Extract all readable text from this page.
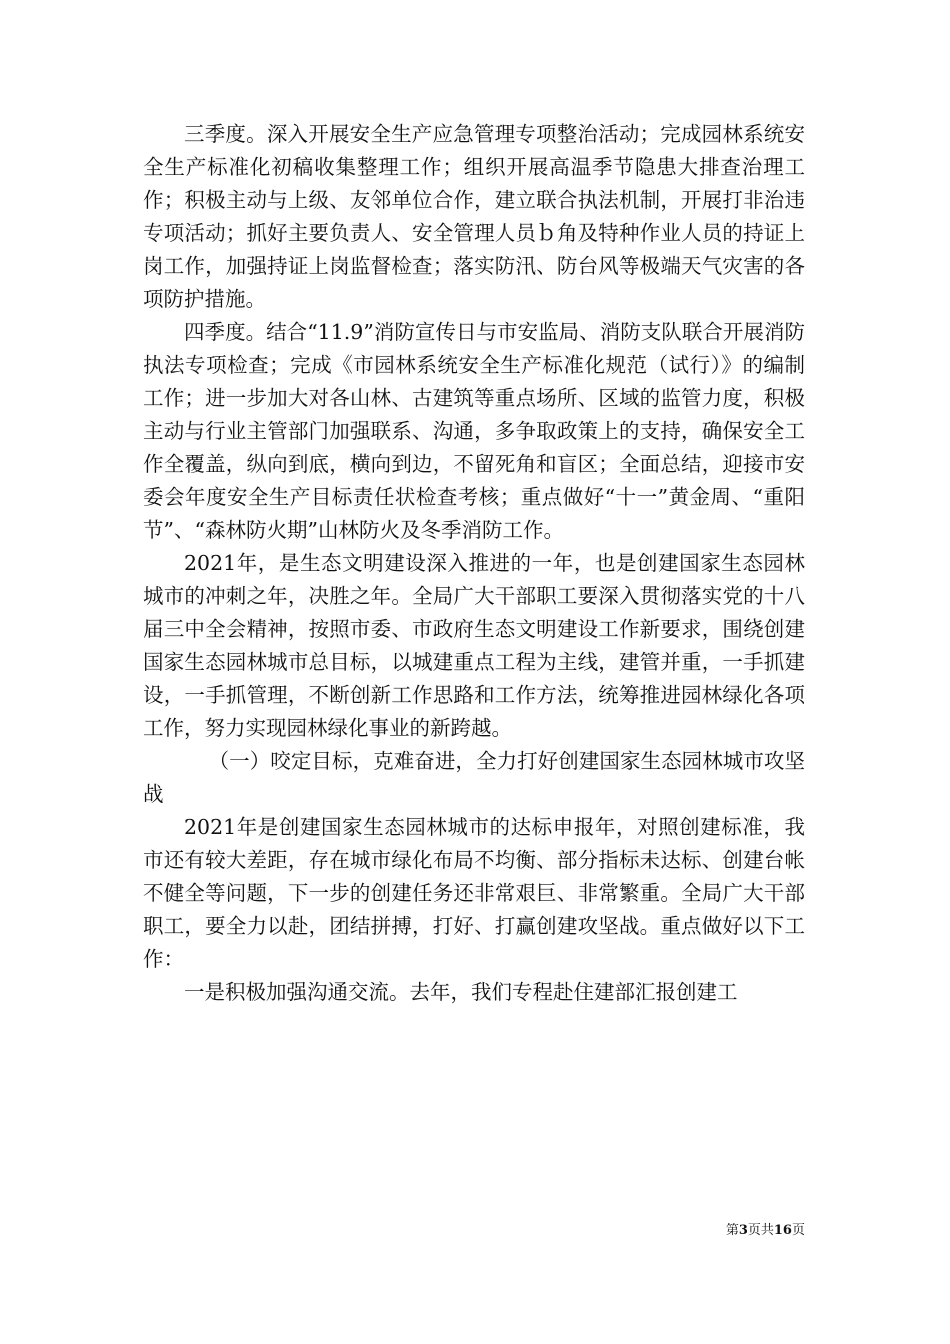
三季度。深入开展安全生产应急管理专项整治活动；完成园林系统安全生产标准化初稿收集整理工作；组织开展高温季节隐患大排查治理工作；积极主动与上级、友邻单位合作，建立联合执法机制，开展打非治违专项活动；抓好主要负责人、安全管理人员ｂ角及特种作业人员的持证上岗工作，加强持证上岗监督检查；落实防汛、防台风等极端天气灾害的各项防护措施。

四季度。结合“11.9”消防宣传日与市安监局、消防支队联合开展消防执法专项检查；完成《市园林系统安全生产标准化规范（试行）》的编制工作；进一步加大对各山林、古建筑等重点场所、区域的监管力度，积极主动与行业主管部门加强联系、沟通，多争取政策上的支持，确保安全工作全覆盖，纵向到底，横向到边，不留死角和盲区；全面总结，迎接市安委会年度安全生产目标责任状检查考核；重点做好“十一”黄金周、“重阳节”、“森林防火期”山林防火及冬季消防工作。

2021年，是生态文明建设深入推进的一年，也是创建国家生态园林城市的冲刺之年，决胜之年。全局广大干部职工要深入贯彻落实党的十八届三中全会精神，按照市委、市政府生态文明建设工作新要求，围绕创建国家生态园林城市总目标，以城建重点工程为主线，建管并重，一手抓建设，一手抓管理，不断创新工作思路和工作方法，统筹推进园林绿化各项工作，努力实现园林绿化事业的新跨越。

（一）咬定目标，克难奋进，全力打好创建国家生态园林城市攻坚战

2021年是创建国家生态园林城市的达标申报年，对照创建标准，我市还有较大差距，存在城市绿化布局不均衡、部分指标未达标、创建台帐不健全等问题，下一步的创建任务还非常艰巨、非常繁重。全局广大干部职工，要全力以赴，团结拼搏，打好、打赢创建攻坚战。重点做好以下工作：

一是积极加强沟通交流。去年，我们专程赴住建部汇报创建工

第3页共16页
